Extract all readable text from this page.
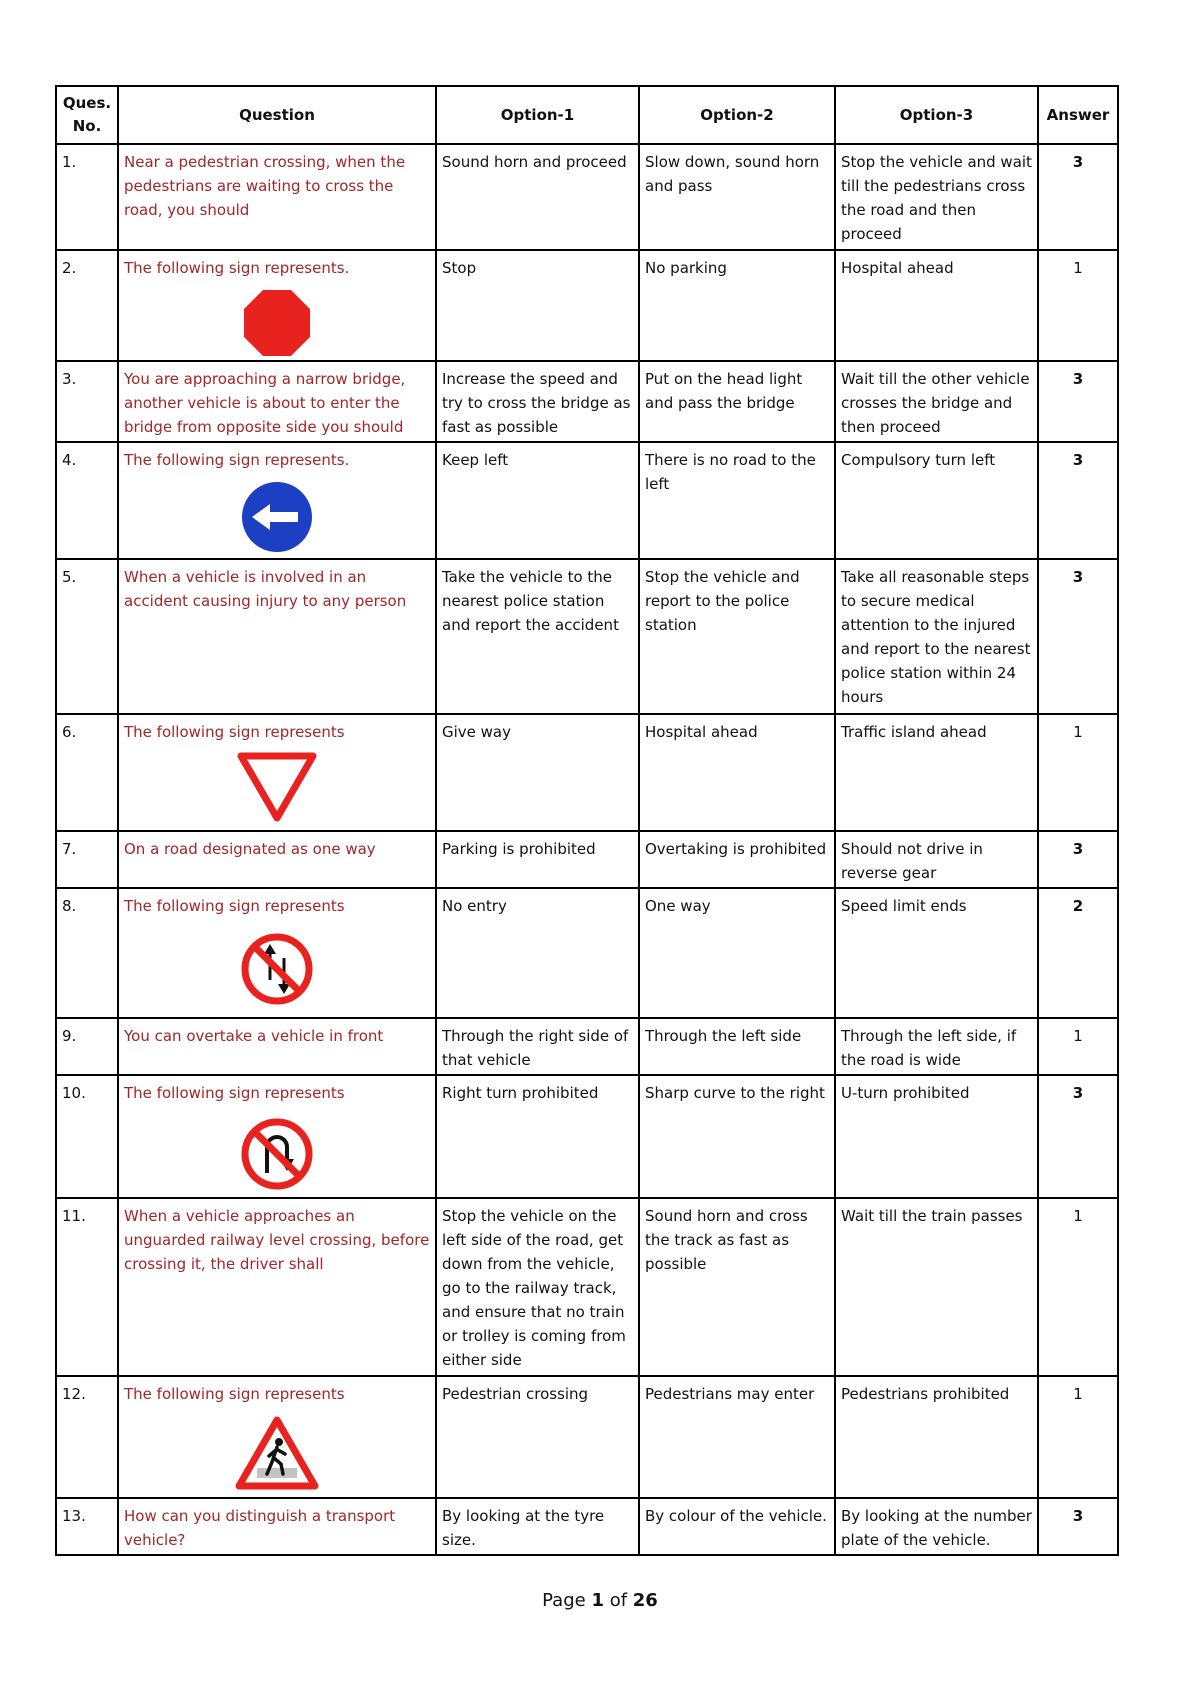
Ques. No.	Question	Option-1	Option-2	Option-3	Answer
1.	Near a pedestrian crossing, when the pedestrians are waiting to cross the road, you should	Sound horn and proceed	Slow down, sound horn and pass	Stop the vehicle and wait till the pedestrians cross the road and then proceed	3
2.	The following sign represents.	Stop	No parking	Hospital ahead	1
3.	You are approaching a narrow bridge, another vehicle is about to enter the bridge from opposite side you should	Increase the speed and try to cross the bridge as fast as possible	Put on the head light and pass the bridge	Wait till the other vehicle crosses the bridge and then proceed	3
4.	The following sign represents.	Keep left	There is no road to the left	Compulsory turn left	3
5.	When a vehicle is involved in an accident causing injury to any person	Take the vehicle to the nearest police station and report the accident	Stop the vehicle and report to the police station	Take all reasonable steps to secure medical attention to the injured and report to the nearest police station within 24 hours	3
6.	The following sign represents	Give way	Hospital ahead	Traffic island ahead	1
7.	On a road designated as one way	Parking is prohibited	Overtaking is prohibited	Should not drive in reverse gear	3
8.	The following sign represents	No entry	One way	Speed limit ends	2
9.	You can overtake a vehicle in front	Through the right side of that vehicle	Through the left side	Through the left side, if the road is wide	1
10.	The following sign represents	Right turn prohibited	Sharp curve to the right	U-turn prohibited	3
11.	When a vehicle approaches an unguarded railway level crossing, before crossing it, the driver shall	Stop the vehicle on the left side of the road, get down from the vehicle, go to the railway track, and ensure that no train or trolley is coming from either side	Sound horn and cross the track as fast as possible	Wait till the train passes	1
12.	The following sign represents	Pedestrian crossing	Pedestrians may enter	Pedestrians prohibited	1
13.	How can you distinguish a transport vehicle?	By looking at the tyre size.	By colour of the vehicle.	By looking at the number plate of the vehicle.	3
Page 1 of 26
